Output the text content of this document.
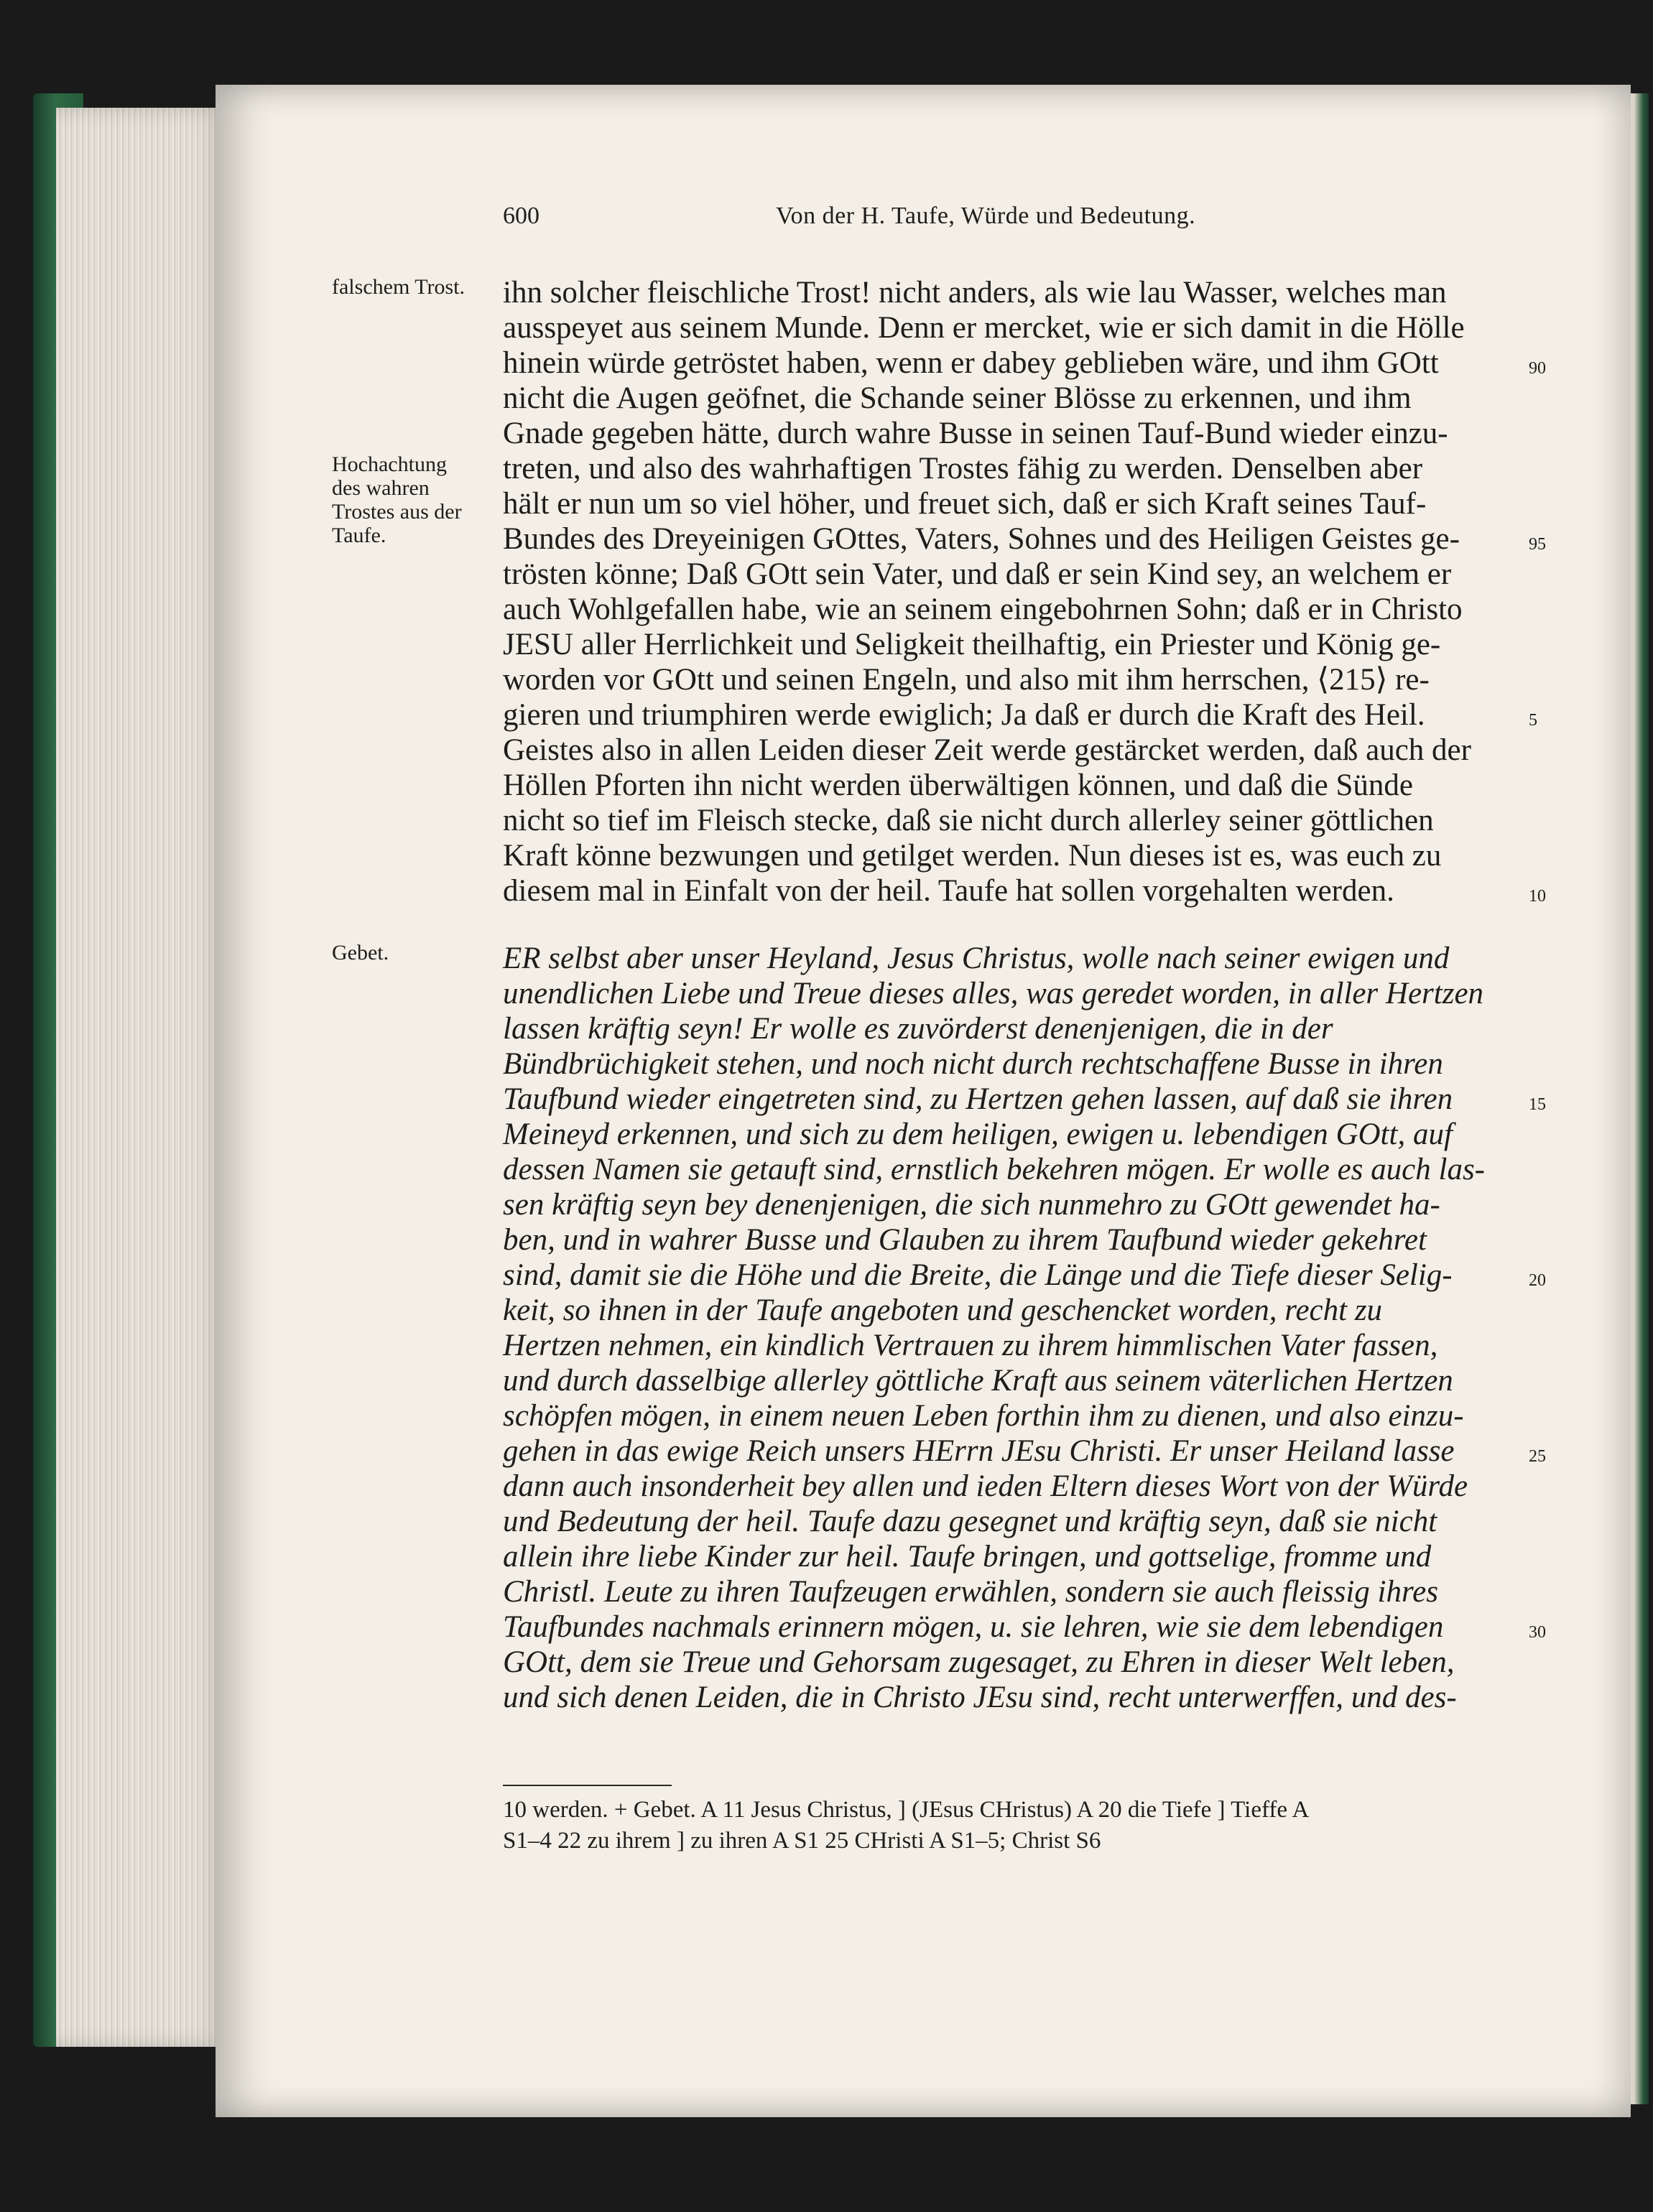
600	Von der H. Taufe, Würde und Bedeutung.
falschem Trost.
Hochachtung des wahren Trostes aus der Taufe.
Gebet.
ihn solcher fleischliche Trost! nicht anders, als wie lau Wasser, welches man
ausspeyet aus seinem Munde. Denn er mercket, wie er sich damit in die Hölle
hinein würde getröstet haben, wenn er dabey geblieben wäre, und ihm GOtt
nicht die Augen geöfnet, die Schande seiner Blösse zu erkennen, und ihm
Gnade gegeben hätte, durch wahre Busse in seinen Tauf-Bund wieder einzu-
treten, und also des wahrhaftigen Trostes fähig zu werden. Denselben aber
hält er nun um so viel höher, und freuet sich, daß er sich Kraft seines Tauf-
Bundes des Dreyeinigen GOttes, Vaters, Sohnes und des Heiligen Geistes ge-
trösten könne; Daß GOtt sein Vater, und daß er sein Kind sey, an welchem er
auch Wohlgefallen habe, wie an seinem eingebohrnen Sohn; daß er in Christo
JESU aller Herrlichkeit und Seligkeit theilhaftig, ein Priester und König ge-
worden vor GOtt und seinen Engeln, und also mit ihm herrschen, ⟨215⟩ re-
gieren und triumphiren werde ewiglich; Ja daß er durch die Kraft des Heil.
Geistes also in allen Leiden dieser Zeit werde gestärcket werden, daß auch der
Höllen Pforten ihn nicht werden überwältigen können, und daß die Sünde
nicht so tief im Fleisch stecke, daß sie nicht durch allerley seiner göttlichen
Kraft könne bezwungen und getilget werden. Nun dieses ist es, was euch zu
diesem mal in Einfalt von der heil. Taufe hat sollen vorgehalten werden.
ER selbst aber unser Heyland, Jesus Christus, wolle nach seiner ewigen und
unendlichen Liebe und Treue dieses alles, was geredet worden, in aller Hertzen
lassen kräftig seyn! Er wolle es zuvörderst denenjenigen, die in der
Bündbrüchigkeit stehen, und noch nicht durch rechtschaffene Busse in ihren
Taufbund wieder eingetreten sind, zu Hertzen gehen lassen, auf daß sie ihren
Meineyd erkennen, und sich zu dem heiligen, ewigen u. lebendigen GOtt, auf
dessen Namen sie getauft sind, ernstlich bekehren mögen. Er wolle es auch las-
sen kräftig seyn bey denenjenigen, die sich nunmehro zu GOtt gewendet ha-
ben, und in wahrer Busse und Glauben zu ihrem Taufbund wieder gekehret
sind, damit sie die Höhe und die Breite, die Länge und die Tiefe dieser Selig-
keit, so ihnen in der Taufe angeboten und geschencket worden, recht zu
Hertzen nehmen, ein kindlich Vertrauen zu ihrem himmlischen Vater fassen,
und durch dasselbige allerley göttliche Kraft aus seinem väterlichen Hertzen
schöpfen mögen, in einem neuen Leben forthin ihm zu dienen, und also einzu-
gehen in das ewige Reich unsers HErrn JEsu Christi. Er unser Heiland lasse
dann auch insonderheit bey allen und ieden Eltern dieses Wort von der Würde
und Bedeutung der heil. Taufe dazu gesegnet und kräftig seyn, daß sie nicht
allein ihre liebe Kinder zur heil. Taufe bringen, und gottselige, fromme und
Christl. Leute zu ihren Taufzeugen erwählen, sondern sie auch fleissig ihres
Taufbundes nachmals erinnern mögen, u. sie lehren, wie sie dem lebendigen
GOtt, dem sie Treue und Gehorsam zugesaget, zu Ehren in dieser Welt leben,
und sich denen Leiden, die in Christo JEsu sind, recht unterwerffen, und des-
90
95
5
10
15
20
25
30
10 werden. + Gebet. A 11 Jesus Christus, ] (JEsus CHristus) A 20 die Tiefe ] Tieffe A
S1–4 22 zu ihrem ] zu ihren A S1 25 CHristi A S1–5; Christ S6
